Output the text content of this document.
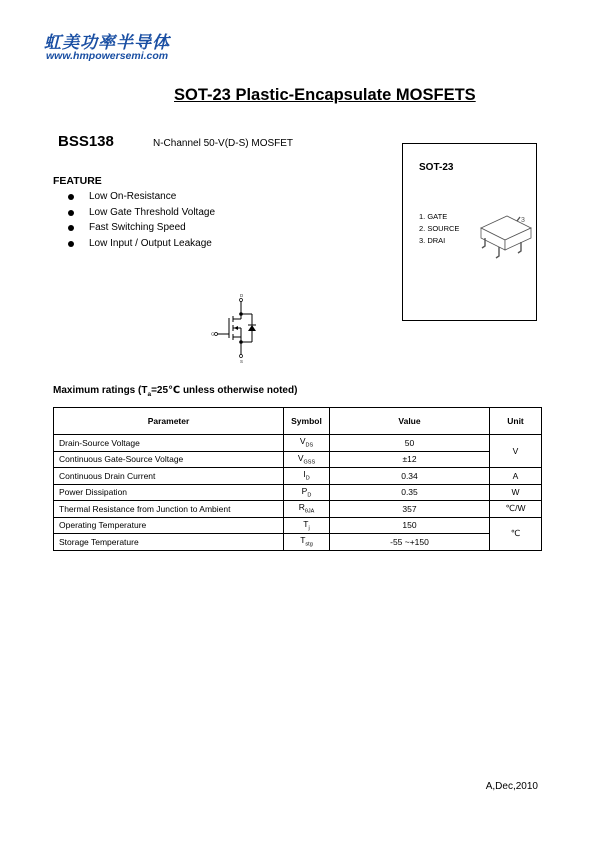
虹美功率半导体
www.hmpowersemi.com
SOT-23 Plastic-Encapsulate MOSFETS
BSS138	N-Channel 50-V(D-S) MOSFET
FEATURE
Low On-Resistance
Low Gate Threshold Voltage
Fast Switching Speed
Low Input / Output Leakage
SOT-23
1. GATE
2. SOURCE
3. DRAI
3
D
G
S
Maximum ratings ($T_a=25℃$ unless otherwise noted)
Parameter	Symbol	Value	Unit
Drain-Source Voltage	$V_{DS}$	50	V
Continuous Gate-Source Voltage	$V_{GSS}$	±12	
Continuous Drain Current	$I_D$	0.34	A
Power Dissipation	$P_D$	0.35	W
Thermal Resistance from Junction to Ambient	$R_{\theta JA}$	357	℃/W
Operating Temperature	$T_j$	150	℃
Storage Temperature	$T_{stg}$	-55 ~+150	
A,Dec,2010
